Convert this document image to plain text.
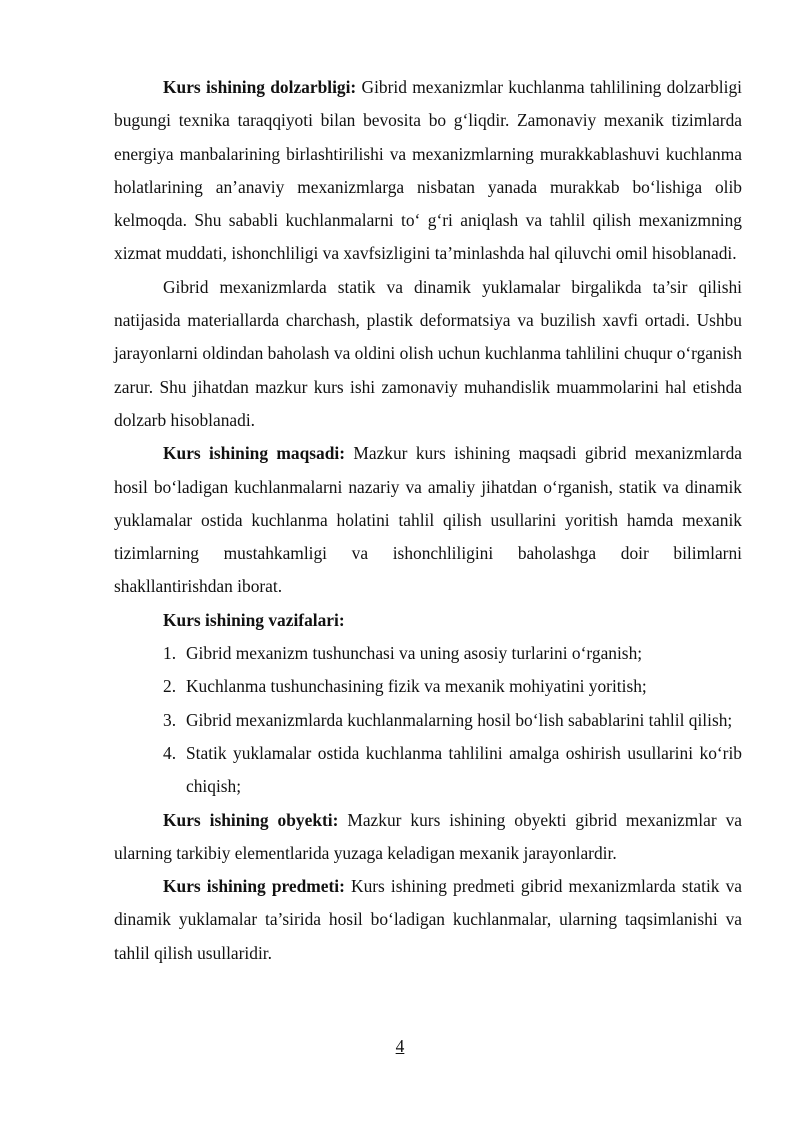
Kurs ishining dolzarbligi: Gibrid mexanizmlar kuchlanma tahlilining dolzarbligi bugungi texnika taraqqiyoti bilan bevosita bo g‘liqdir. Zamonaviy mexanik tizimlarda energiya manbalarining birlashtirilishi va mexanizmlarning murakkablashuvi kuchlanma holatlarining an’anaviy mexanizmlarga nisbatan yanada murakkab bo‘lishiga olib kelmoqda. Shu sababli kuchlanmalarni to‘ g‘ri aniqlash va tahlil qilish mexanizmning xizmat muddati, ishonchliligi va xavfsizligini ta’minlashda hal qiluvchi omil hisoblanadi.

Gibrid mexanizmlarda statik va dinamik yuklamalar birgalikda ta’sir qilishi natijasida materiallarda charchash, plastik deformatsiya va buzilish xavfi ortadi. Ushbu jarayonlarni oldindan baholash va oldini olish uchun kuchlanma tahlilini chuqur o‘rganish zarur. Shu jihatdan mazkur kurs ishi zamonaviy muhandislik muammolarini hal etishda dolzarb hisoblanadi.

Kurs ishining maqsadi: Mazkur kurs ishining maqsadi gibrid mexanizmlarda hosil bo‘ladigan kuchlanmalarni nazariy va amaliy jihatdan o‘rganish, statik va dinamik yuklamalar ostida kuchlanma holatini tahlil qilish usullarini yoritish hamda mexanik tizimlarning mustahkamligi va ishonchliligini baholashga doir bilimlarni shakllantirishdan iborat.

Kurs ishining vazifalari:
1. Gibrid mexanizm tushunchasi va uning asosiy turlarini o‘rganish;
2. Kuchlanma tushunchasining fizik va mexanik mohiyatini yoritish;
3. Gibrid mexanizmlarda kuchlanmalarning hosil bo‘lish sabablarini tahlil qilish;
4. Statik yuklamalar ostida kuchlanma tahlilini amalga oshirish usullarini ko‘rib chiqish;

Kurs ishining obyekti: Mazkur kurs ishining obyekti gibrid mexanizmlar va ularning tarkibiy elementlarida yuzaga keladigan mexanik jarayonlardir.

Kurs ishining predmeti: Kurs ishining predmeti gibrid mexanizmlarda statik va dinamik yuklamalar ta’sirida hosil bo‘ladigan kuchlanmalar, ularning taqsimlanishi va tahlil qilish usullaridir.

4
